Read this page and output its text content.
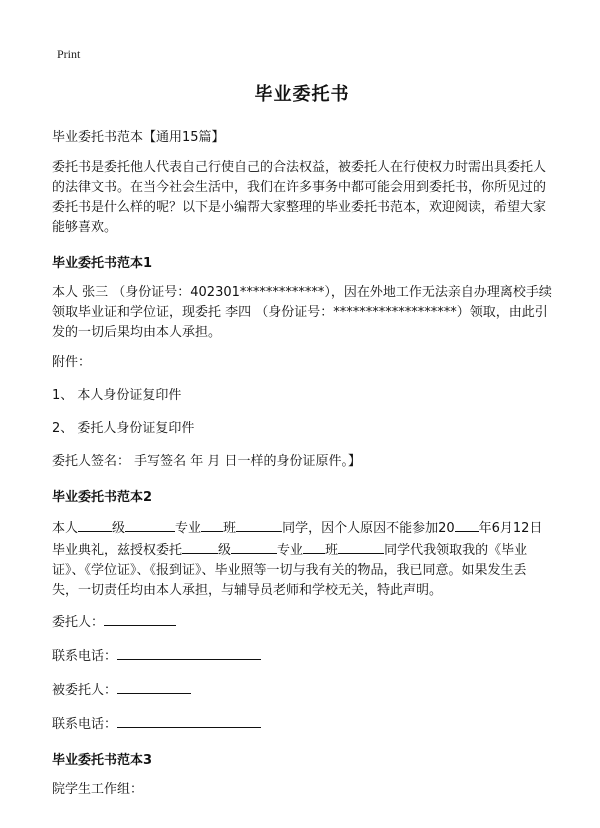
Print
毕业委托书
毕业委托书范本【通用15篇】
委托书是委托他人代表自己行使自己的合法权益，被委托人在行使权力时需出具委托人的法律文书。在当今社会生活中，我们在许多事务中都可能会用到委托书，你所见过的委托书是什么样的呢？以下是小编帮大家整理的毕业委托书范本，欢迎阅读，希望大家能够喜欢。
毕业委托书范本1
本人 张三 （身份证号：402301*************），因在外地工作无法亲自办理离校手续领取毕业证和学位证，现委托 李四 （身份证号：*******************）领取，由此引发的一切后果均由本人承担。
附件：
1、 本人身份证复印件
2、 委托人身份证复印件
委托人签名： 手写签名 年 月 日一样的身份证原件。】
毕业委托书范本2
本人	级	专业 班	同学，因个人原因不能参加20 年6月12日毕业典礼，兹授权委托	级	专业 班	同学代我领取我的《毕业证》、《学位证》、《报到证》、毕业照等一切与我有关的物品，我已同意。如果发生丢失，一切责任均由本人承担，与辅导员老师和学校无关，特此声明。
委托人：
联系电话：
被委托人：
联系电话：
毕业委托书范本3
院学生工作组：
